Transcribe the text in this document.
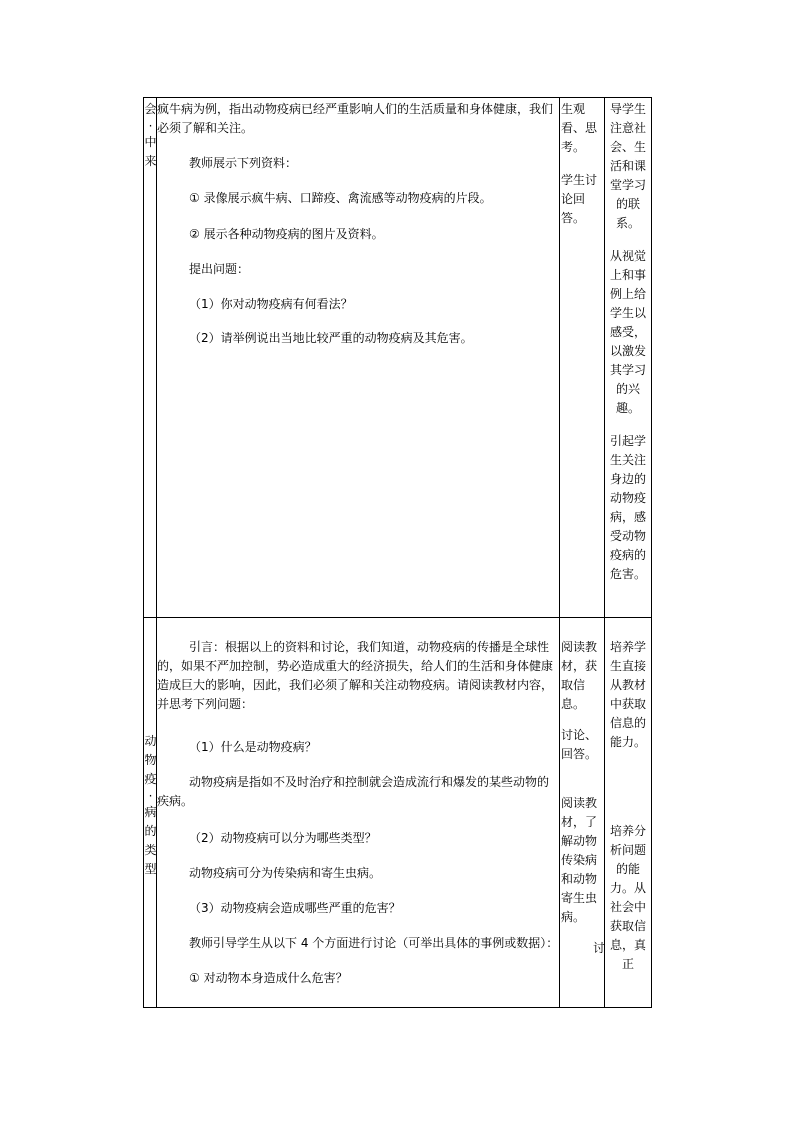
会
·
中
来
疯牛病为例，指出动物疫病已经严重影响人们的生活质量和身体健康，我们必须了解和关注。
教师展示下列资料：
① 录像展示疯牛病、口蹄疫、禽流感等动物疫病的片段。
② 展示各种动物疫病的图片及资料。
提出问题：
（1）你对动物疫病有何看法？
（2）请举例说出当地比较严重的动物疫病及其危害。
生观看、思考。
学生讨论回答。
导学生注意社会、生活和课堂学习的联系。
从视觉上和事例上给学生以感受，以激发其学习的兴趣。
引起学生关注身边的动物疫病，感受动物疫病的危害。
动
物
疫
·
病
的
类
型
引言：根据以上的资料和讨论，我们知道，动物疫病的传播是全球性的，如果不严加控制，势必造成重大的经济损失，给人们的生活和身体健康造成巨大的影响，因此，我们必须了解和关注动物疫病。请阅读教材内容，并思考下列问题：
（1）什么是动物疫病？
动物疫病是指如不及时治疗和控制就会造成流行和爆发的某些动物的疾病。
（2）动物疫病可以分为哪些类型？
动物疫病可分为传染病和寄生虫病。
（3）动物疫病会造成哪些严重的危害？
教师引导学生从以下 4 个方面进行讨论（可举出具体的事例或数据）：
① 对动物本身造成什么危害？
阅读教材，获取信息。
讨论、回答。
阅读教材，了解动物传染病和动物寄生虫病。
讨
培养学生直接从教材中获取信息的能力。
培养分析问题的能力。从社会中获取信息，真正
